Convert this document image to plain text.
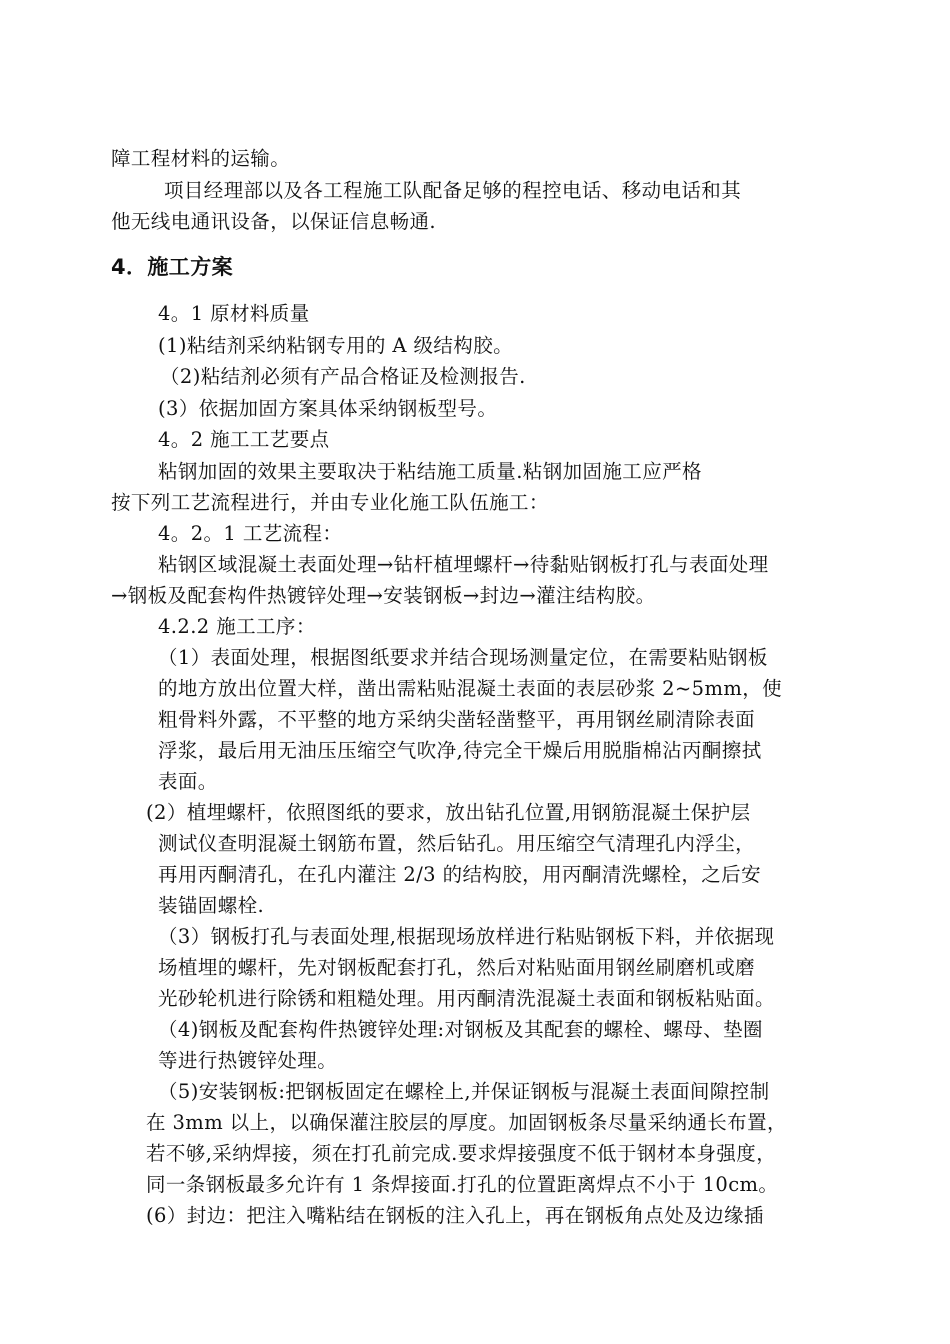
障工程材料的运输。
项目经理部以及各工程施工队配备足够的程控电话、移动电话和其
他无线电通讯设备，以保证信息畅通.
4．施工方案
4。1 原材料质量
(1)粘结剂采纳粘钢专用的 A 级结构胶。
（2)粘结剂必须有产品合格证及检测报告.
(3）依据加固方案具体采纳钢板型号。
4。2 施工工艺要点
粘钢加固的效果主要取决于粘结施工质量.粘钢加固施工应严格
按下列工艺流程进行，并由专业化施工队伍施工：
4。2。1 工艺流程：
粘钢区域混凝土表面处理→钻杆植埋螺杆→待黏贴钢板打孔与表面处理
→钢板及配套构件热镀锌处理→安装钢板→封边→灌注结构胶。
4.2.2 施工工序：
（1）表面处理，根据图纸要求并结合现场测量定位，在需要粘贴钢板
的地方放出位置大样，凿出需粘贴混凝土表面的表层砂浆 2~5mm，使
粗骨料外露，不平整的地方采纳尖凿轻凿整平，再用钢丝刷清除表面
浮浆，最后用无油压压缩空气吹净,待完全干燥后用脱脂棉沾丙酮擦拭
表面。
(2）植埋螺杆，依照图纸的要求，放出钻孔位置,用钢筋混凝土保护层
测试仪查明混凝土钢筋布置，然后钻孔。用压缩空气清理孔内浮尘，
再用丙酮清孔，在孔内灌注 2/3 的结构胶，用丙酮清洗螺栓，之后安
装锚固螺栓.
（3）钢板打孔与表面处理,根据现场放样进行粘贴钢板下料，并依据现
场植埋的螺杆，先对钢板配套打孔，然后对粘贴面用钢丝刷磨机或磨
光砂轮机进行除锈和粗糙处理。用丙酮清洗混凝土表面和钢板粘贴面。
（4)钢板及配套构件热镀锌处理:对钢板及其配套的螺栓、螺母、垫圈
等进行热镀锌处理。
（5)安装钢板:把钢板固定在螺栓上,并保证钢板与混凝土表面间隙控制
在 3mm 以上，以确保灌注胶层的厚度。加固钢板条尽量采纳通长布置，
若不够,采纳焊接，须在打孔前完成.要求焊接强度不低于钢材本身强度，
同一条钢板最多允许有 1 条焊接面.打孔的位置距离焊点不小于 10cm。
(6）封边：把注入嘴粘结在钢板的注入孔上，再在钢板角点处及边缘插
